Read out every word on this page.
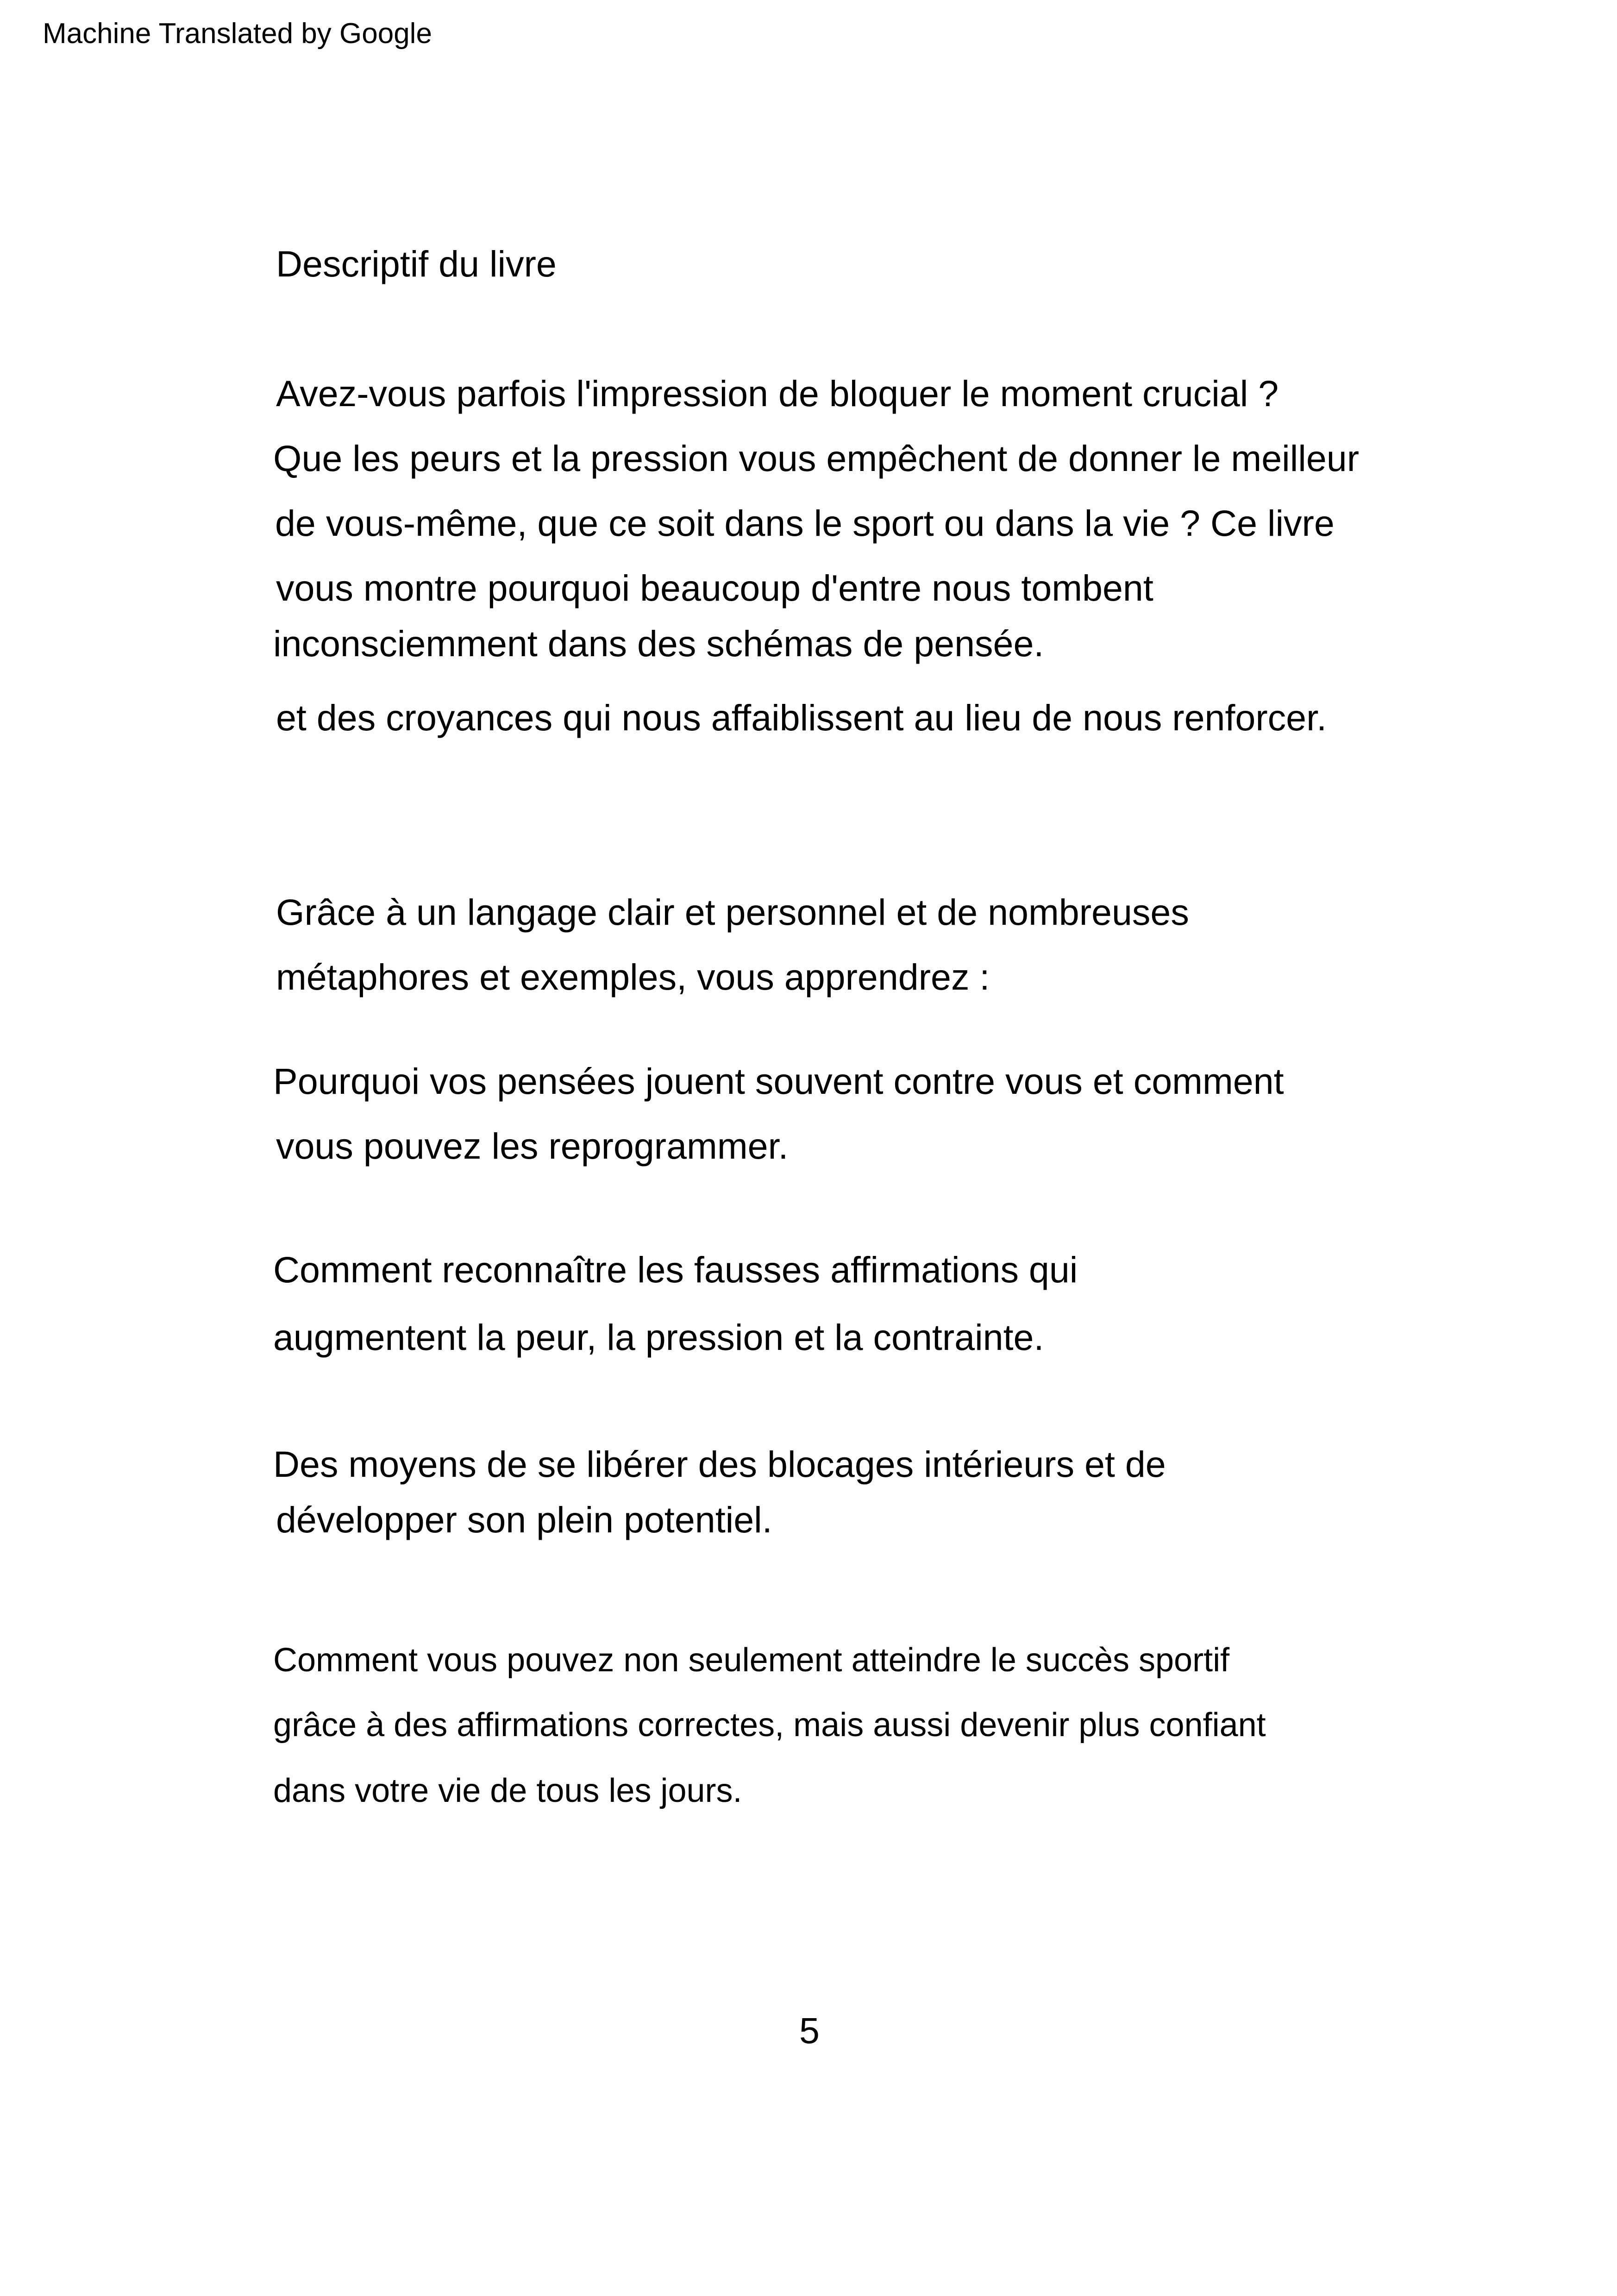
Machine Translated by Google
Descriptif du livre
Avez-vous parfois l'impression de bloquer le moment crucial ?
Que les peurs et la pression vous empêchent de donner le meilleur
de vous-même, que ce soit dans le sport ou dans la vie ? Ce livre
vous montre pourquoi beaucoup d'entre nous tombent
inconsciemment dans des schémas de pensée.
et des croyances qui nous affaiblissent au lieu de nous renforcer.
Grâce à un langage clair et personnel et de nombreuses
métaphores et exemples, vous apprendrez :
Pourquoi vos pensées jouent souvent contre vous et comment
vous pouvez les reprogrammer.
Comment reconnaître les fausses affirmations qui
augmentent la peur, la pression et la contrainte.
Des moyens de se libérer des blocages intérieurs et de
développer son plein potentiel.
Comment vous pouvez non seulement atteindre le succès sportif
grâce à des affirmations correctes, mais aussi devenir plus confiant
dans votre vie de tous les jours.
5
